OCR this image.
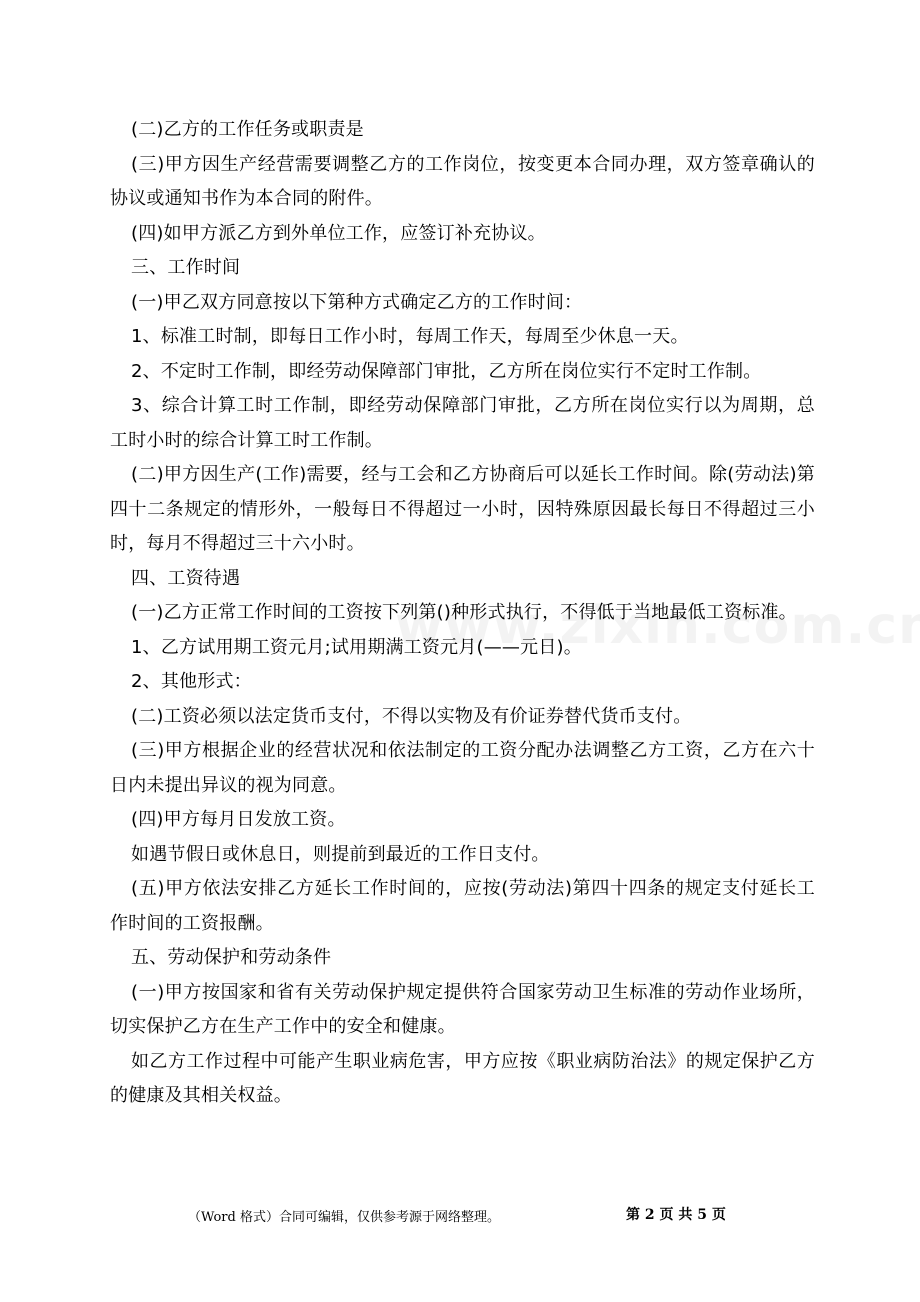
(二)乙方的工作任务或职责是

(三)甲方因生产经营需要调整乙方的工作岗位，按变更本合同办理，双方签章确认的协议或通知书作为本合同的附件。

(四)如甲方派乙方到外单位工作，应签订补充协议。

三、工作时间

(一)甲乙双方同意按以下第种方式确定乙方的工作时间：

1、标准工时制，即每日工作小时，每周工作天，每周至少休息一天。

2、不定时工作制，即经劳动保障部门审批，乙方所在岗位实行不定时工作制。

3、综合计算工时工作制，即经劳动保障部门审批，乙方所在岗位实行以为周期，总工时小时的综合计算工时工作制。

(二)甲方因生产(工作)需要，经与工会和乙方协商后可以延长工作时间。除(劳动法)第四十二条规定的情形外，一般每日不得超过一小时，因特殊原因最长每日不得超过三小时，每月不得超过三十六小时。

四、工资待遇

(一)乙方正常工作时间的工资按下列第()种形式执行，不得低于当地最低工资标准。

1、乙方试用期工资元月;试用期满工资元月(——元日)。

2、其他形式：

(二)工资必须以法定货币支付，不得以实物及有价证券替代货币支付。

(三)甲方根据企业的经营状况和依法制定的工资分配办法调整乙方工资，乙方在六十日内未提出异议的视为同意。

(四)甲方每月日发放工资。

如遇节假日或休息日，则提前到最近的工作日支付。

(五)甲方依法安排乙方延长工作时间的，应按(劳动法)第四十四条的规定支付延长工作时间的工资报酬。

五、劳动保护和劳动条件

(一)甲方按国家和省有关劳动保护规定提供符合国家劳动卫生标准的劳动作业场所，切实保护乙方在生产工作中的安全和健康。

如乙方工作过程中可能产生职业病危害，甲方应按《职业病防治法》的规定保护乙方的健康及其相关权益。

（Word 格式）合同可编辑，仅供参考源于网络整理。	第 2 页 共 5 页
